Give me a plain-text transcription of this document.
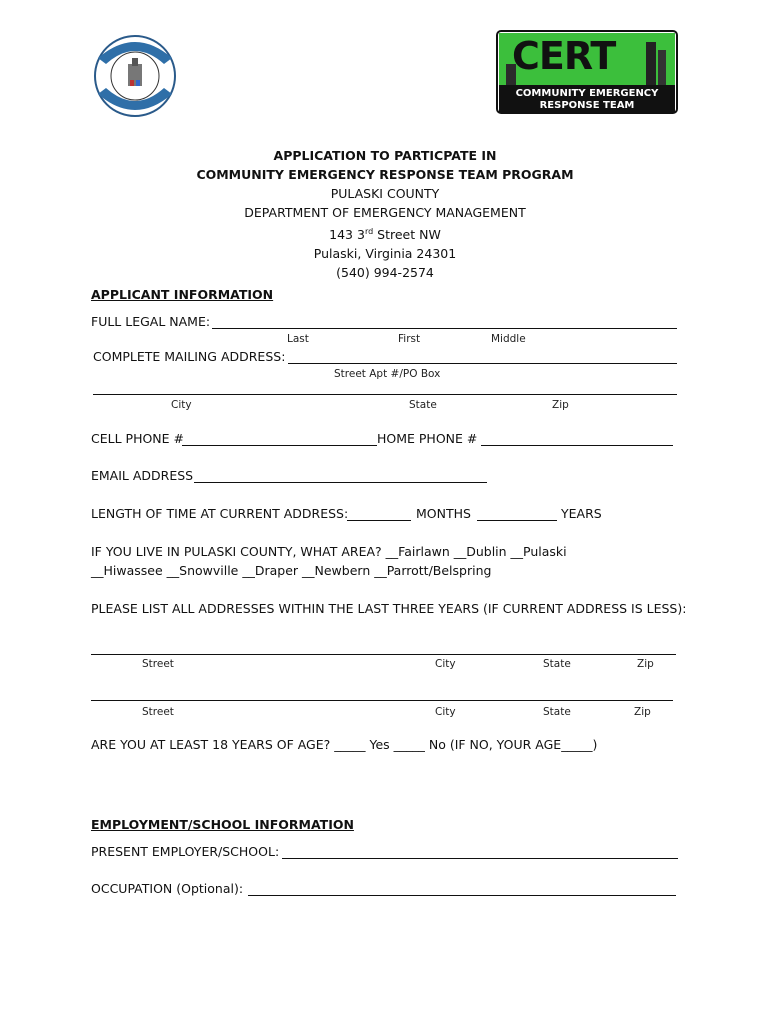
CERT
COMMUNITY EMERGENCY
RESPONSE TEAM
APPLICATION TO PARTICPATE IN
COMMUNITY EMERGENCY RESPONSE TEAM PROGRAM
PULASKI COUNTY
DEPARTMENT OF EMERGENCY MANAGEMENT
143 3rd Street NW
Pulaski, Virginia 24301
(540) 994-2574
APPLICANT INFORMATION
FULL LEGAL NAME:
Last	First	Middle
COMPLETE MAILING ADDRESS:
Street Apt #/PO Box
City	State	Zip
CELL PHONE #	HOME PHONE #
EMAIL ADDRESS
LENGTH OF TIME AT CURRENT ADDRESS:	MONTHS	YEARS
IF YOU LIVE IN PULASKI COUNTY, WHAT AREA? __Fairlawn __Dublin __Pulaski
__Hiwassee __Snowville __Draper __Newbern __Parrott/Belspring
PLEASE LIST ALL ADDRESSES WITHIN THE LAST THREE YEARS (IF CURRENT ADDRESS IS LESS):
Street	City	State	Zip
Street	City	State	Zip
ARE YOU AT LEAST 18 YEARS OF AGE? _____ Yes _____ No (IF NO, YOUR AGE_____)
EMPLOYMENT/SCHOOL INFORMATION
PRESENT EMPLOYER/SCHOOL:
OCCUPATION (Optional):
